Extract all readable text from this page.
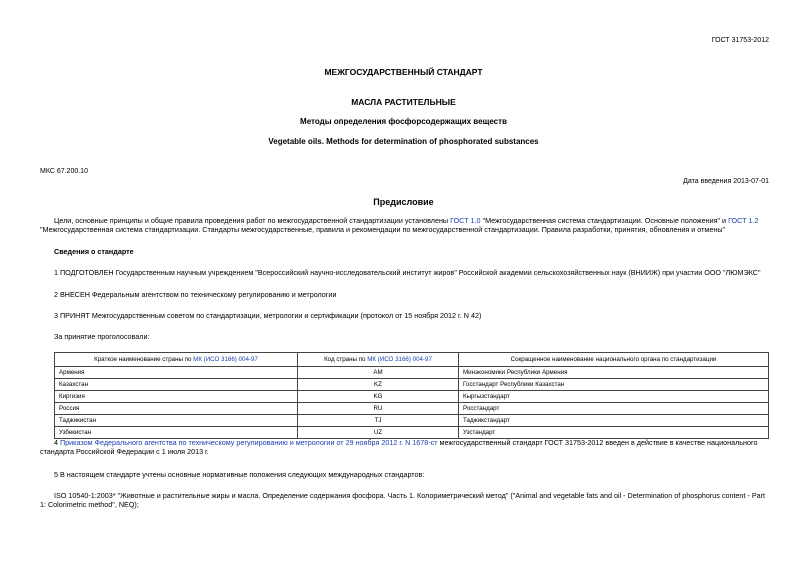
ГОСТ 31753-2012
МЕЖГОСУДАРСТВЕННЫЙ СТАНДАРТ
МАСЛА РАСТИТЕЛЬНЫЕ
Методы определения фосфорсодержащих веществ
Vegetable oils. Methods for determination of phosphorated substances
МКС 67.200.10
Дата введения 2013-07-01
Предисловие
Цели, основные принципы и общие правила проведения работ по межгосударственной стандартизации установлены ГОСТ 1.0 "Межгосударственная система стандартизации. Основные положения" и ГОСТ 1.2 "Межгосударственная система стандартизации. Стандарты межгосударственные, правила и рекомендации по межгосударственной стандартизации. Правила разработки, принятия, обновления и отмены"
Сведения о стандарте
1 ПОДГОТОВЛЕН Государственным научным учреждением "Всероссийский научно-исследовательский институт жиров" Российской академии сельскохозяйственных наук (ВНИИЖ) при участии ООО "ЛЮМЭКС"
2 ВНЕСЕН Федеральным агентством по техническому регулированию и метрологии
3 ПРИНЯТ Межгосударственным советом по стандартизации, метрологии и сертификации (протокол от 15 ноября 2012 г. N 42)
За принятие проголосовали:
Краткое наименование страны по МК (ИСО 3166) 004-97	Код страны по МК (ИСО 3166) 004-97	Сокращенное наименование национального органа по стандартизации
Армения	AM	Минэкономики Республики Армения
Казахстан	KZ	Госстандарт Республики Казахстан
Киргизия	KG	Кыргызстандарт
Россия	RU	Росстандарт
Таджикистан	TJ	Таджикстандарт
Узбекистан	UZ	Узстандарт
4 Приказом Федерального агентства по техническому регулированию и метрологии от 29 ноября 2012 г. N 1678-ст межгосударственный стандарт ГОСТ 31753-2012 введен в действие в качестве национального стандарта Российской Федерации с 1 июля 2013 г.
5 В настоящем стандарте учтены основные нормативные положения следующих международных стандартов:
ISO 10540-1:2003* "Животные и растительные жиры и масла. Определение содержания фосфора. Часть 1. Колориметрический метод" ("Animal and vegetable fats and oil - Determination of phosphorus content - Part 1: Colorimetric method", NEQ);
